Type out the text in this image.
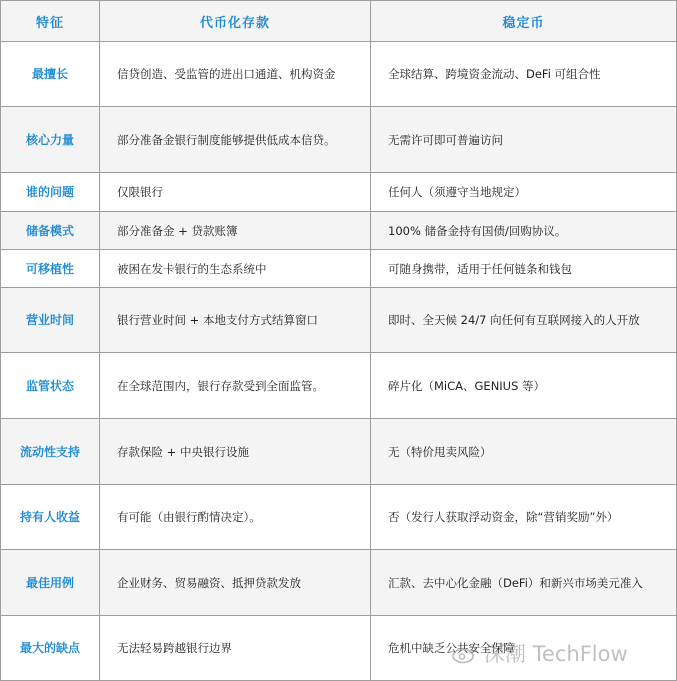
特征	代币化存款	稳定币
最擅长	信贷创造、受监管的进出口通道、机构资金	全球结算、跨境资金流动、DeFi 可组合性
核心力量	部分准备金银行制度能够提供低成本信贷。	无需许可即可普遍访问
谁的问题	仅限银行	任何人（须遵守当地规定）
储备模式	部分准备金 + 贷款账簿	100% 储备金持有国债/回购协议。
可移植性	被困在发卡银行的生态系统中	可随身携带，适用于任何链条和钱包
营业时间	银行营业时间 + 本地支付方式结算窗口	即时、全天候 24/7 向任何有互联网接入的人开放
监管状态	在全球范围内，银行存款受到全面监管。	碎片化（MiCA、GENIUS 等）
流动性支持	存款保险 + 中央银行设施	无（特价甩卖风险）
持有人收益	有可能（由银行酌情决定）。	否（发行人获取浮动资金，除“营销奖励”外）
最佳用例	企业财务、贸易融资、抵押贷款发放	汇款、去中心化金融（DeFi）和新兴市场美元准入
最大的缺点	无法轻易跨越银行边界	危机中缺乏公共安全保障
深潮 TechFlow
